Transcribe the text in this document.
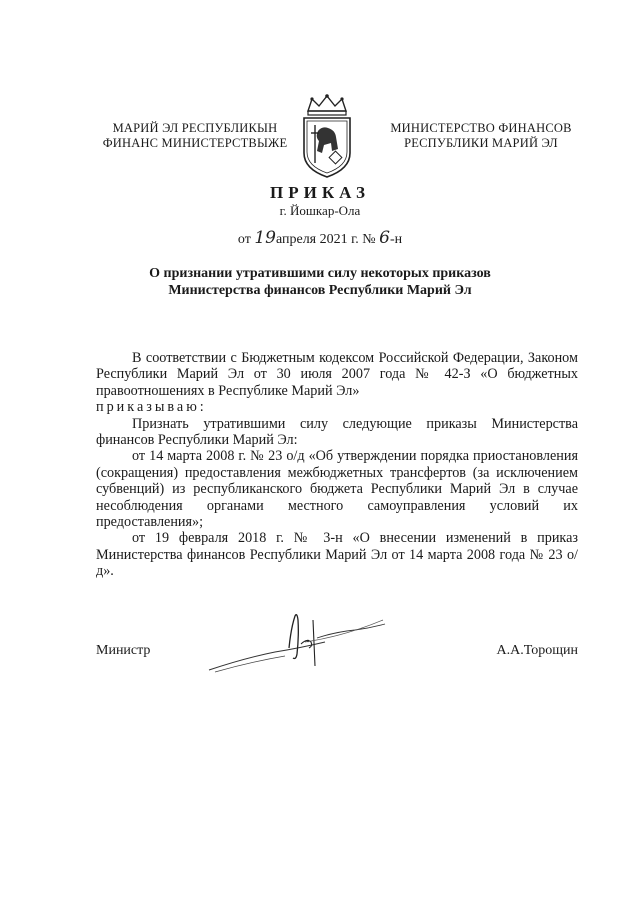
МАРИЙ ЭЛ РЕСПУБЛИКЫН
ФИНАНС МИНИСТЕРСТВЫЖЕ
МИНИСТЕРСТВО ФИНАНСОВ
РЕСПУБЛИКИ МАРИЙ ЭЛ
ПРИКАЗ
г. Йошкар-Ола
от 19апреля 2021 г. № 6-н
О признании утратившими силу некоторых приказов
Министерства финансов Республики Марий Эл

В соответствии с Бюджетным кодексом Российской Федерации, Законом Республики Марий Эл от 30 июля 2007 года № 42-З «О бюджетных правоотношениях в Республике Марий Эл»

приказываю:

Признать утратившими силу следующие приказы Министерства финансов Республики Марий Эл:

от 14 марта 2008 г. № 23 о/д «Об утверждении порядка приостановления (сокращения) предоставления межбюджетных трансфертов (за исключением субвенций) из республиканского бюджета Республики Марий Эл в случае несоблюдения органами местного самоуправления условий их предоставления»;

от 19 февраля 2018 г. № 3-н «О внесении изменений в приказ Министерства финансов Республики Марий Эл от 14 марта 2008 года № 23 о/д».

Министр	А.А.Торощин
